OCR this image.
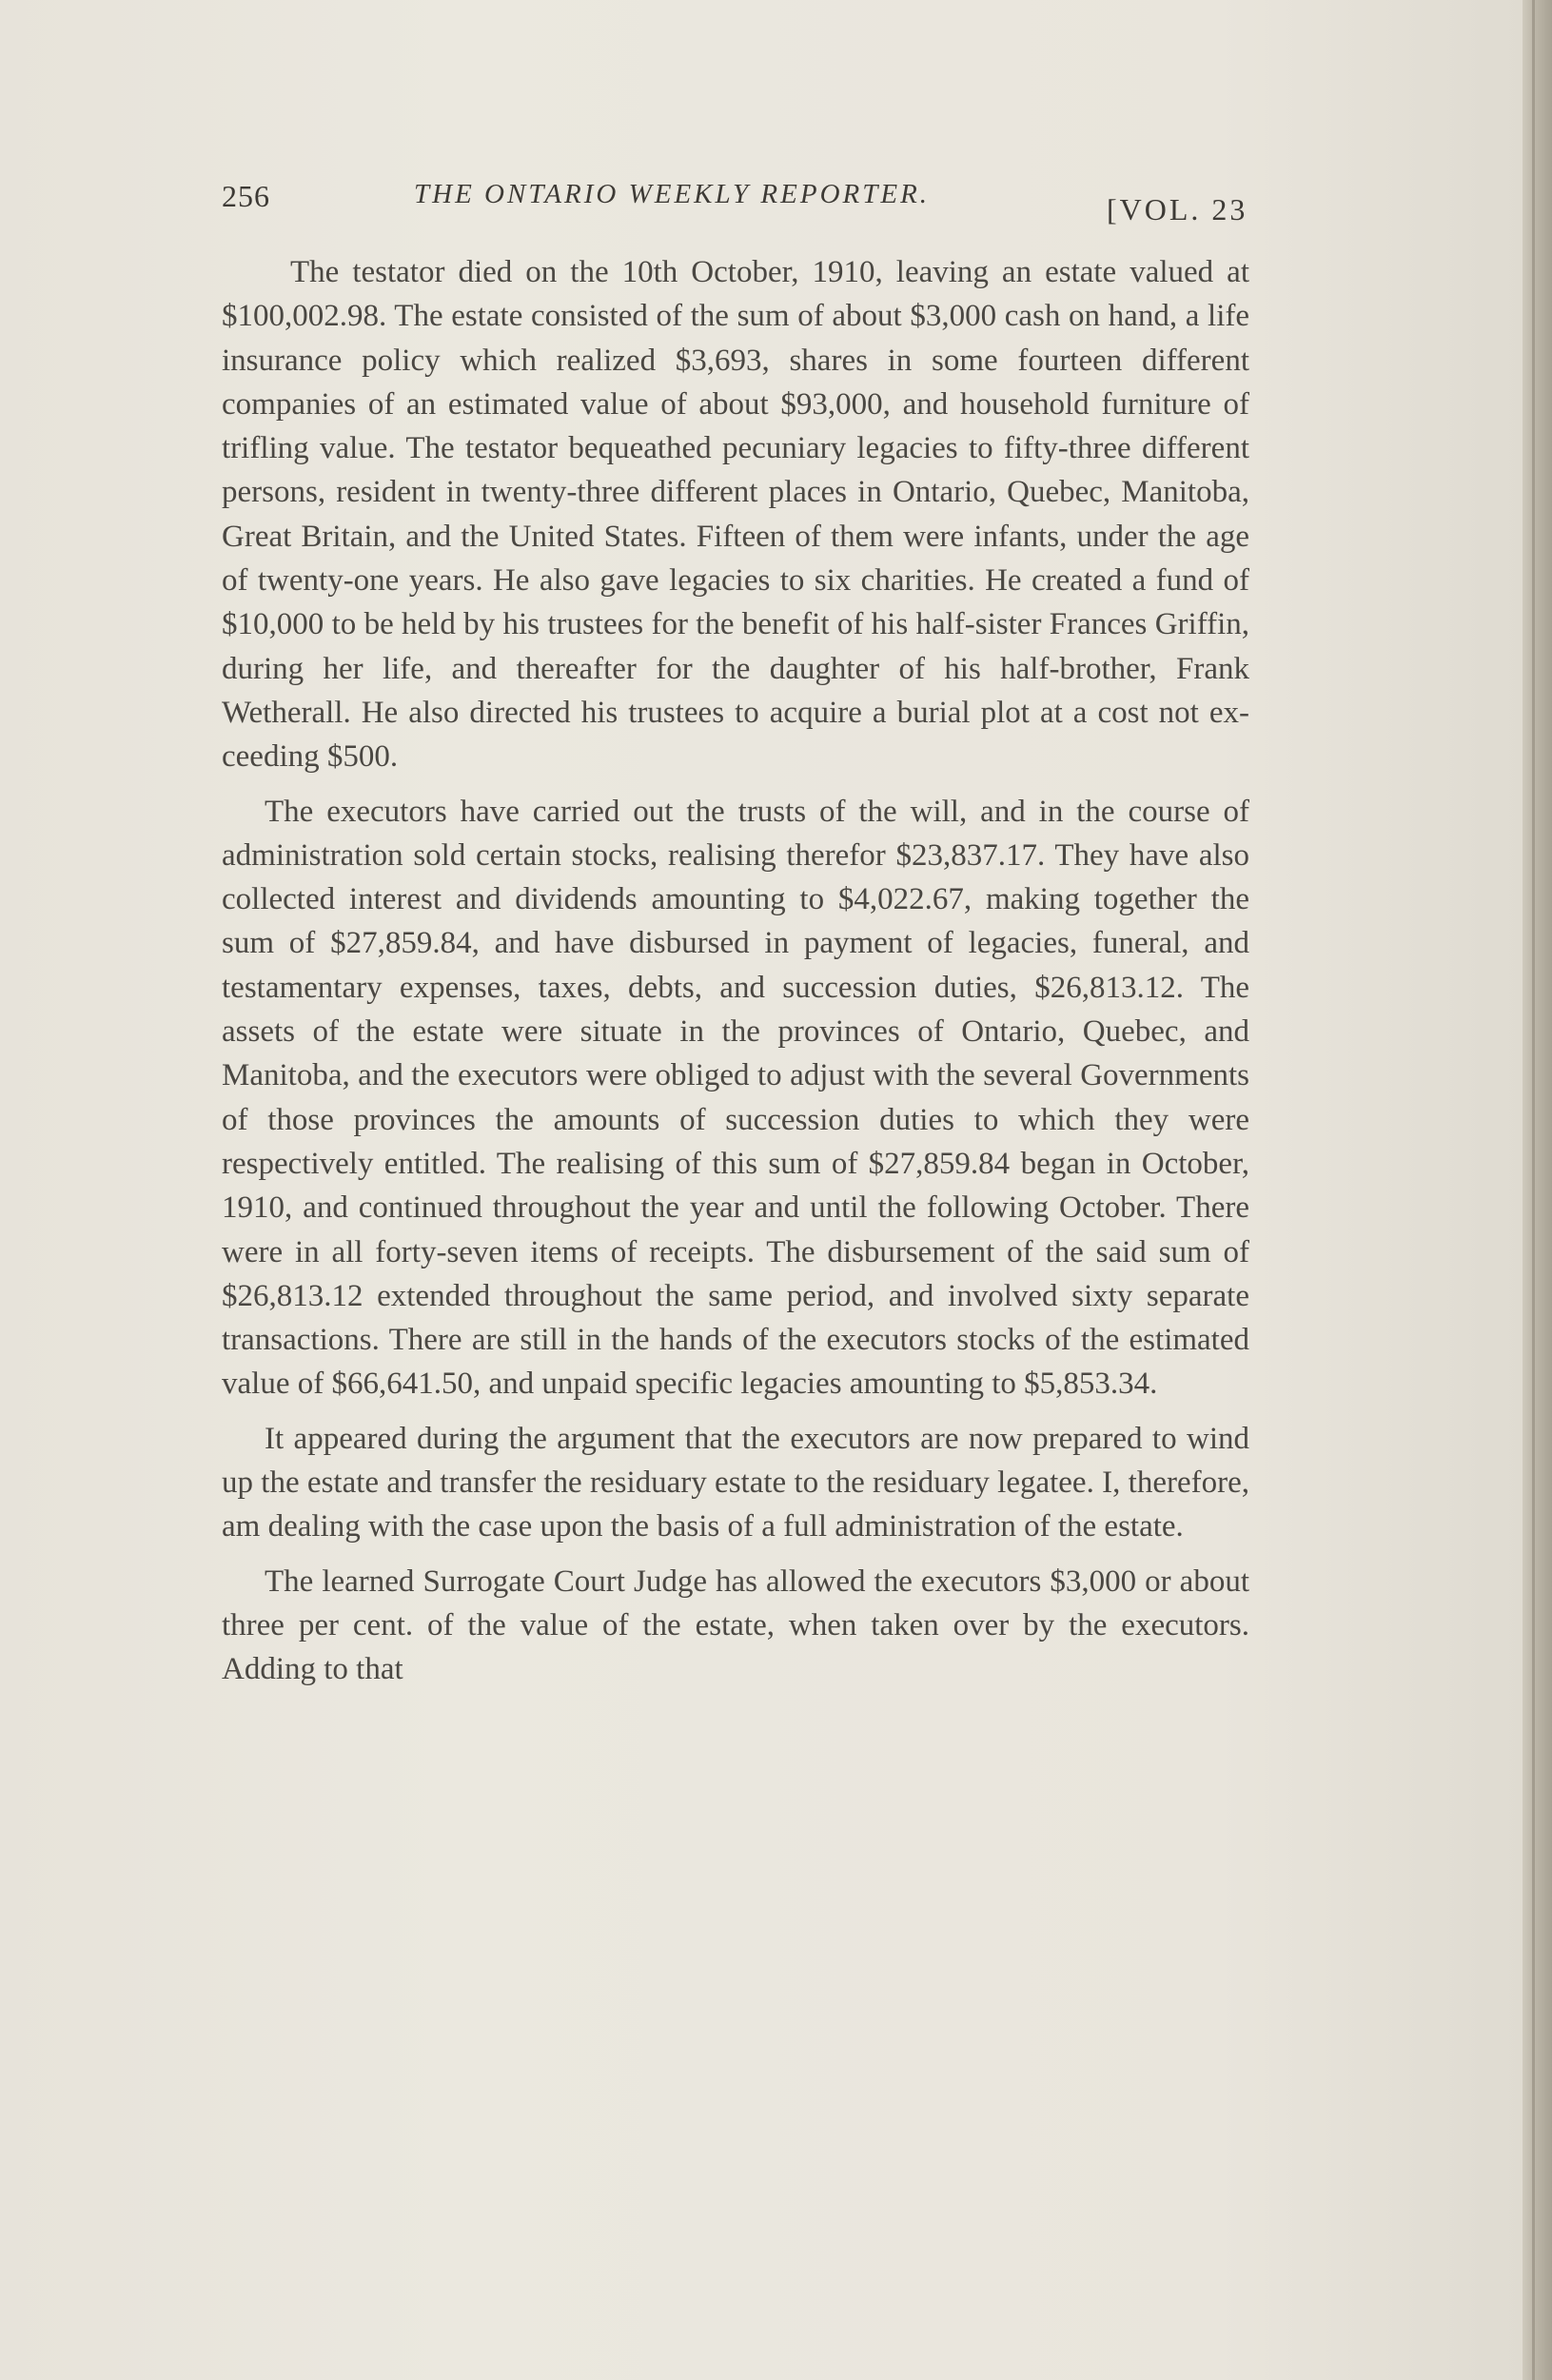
256	THE ONTARIO WEEKLY REPORTER.	[VOL. 23

The testator died on the 10th October, 1910, leaving an estate valued at $100,002.98. The estate consisted of the sum of about $3,000 cash on hand, a life insurance policy which realized $3,693, shares in some fourteen different companies of an estimated value of about $93,000, and household furniture of trifling value. The testator bequeathed pecuniary legacies to fifty-three different persons, resident in twenty-three different places in Ontario, Quebec, Manitoba, Great Britain, and the United States. Fifteen of them were infants, under the age of twenty-one years. He also gave legacies to six charities. He created a fund of $10,000 to be held by his trustees for the benefit of his half-sister Frances Griffin, during her life, and thereafter for the daughter of his half-brother, Frank Wetherall. He also directed his trustees to acquire a burial plot at a cost not exceeding $500.

The executors have carried out the trusts of the will, and in the course of administration sold certain stocks, realising therefor $23,837.17. They have also collected interest and dividends amounting to $4,022.67, making together the sum of $27,859.84, and have disbursed in payment of legacies, funeral, and testamentary expenses, taxes, debts, and succession duties, $26,813.12. The assets of the estate were situate in the provinces of Ontario, Quebec, and Manitoba, and the executors were obliged to adjust with the several Governments of those provinces the amounts of succession duties to which they were respectively entitled. The realising of this sum of $27,859.84 began in October, 1910, and continued throughout the year and until the following October. There were in all forty-seven items of receipts. The disbursement of the said sum of $26,813.12 extended throughout the same period, and involved sixty separate transactions. There are still in the hands of the executors stocks of the estimated value of $66,641.50, and unpaid specific legacies amounting to $5,853.34.

It appeared during the argument that the executors are now prepared to wind up the estate and transfer the residuary estate to the residuary legatee. I, therefore, am dealing with the case upon the basis of a full administration of the estate.

The learned Surrogate Court Judge has allowed the executors $3,000 or about three per cent. of the value of the estate, when taken over by the executors. Adding to that
